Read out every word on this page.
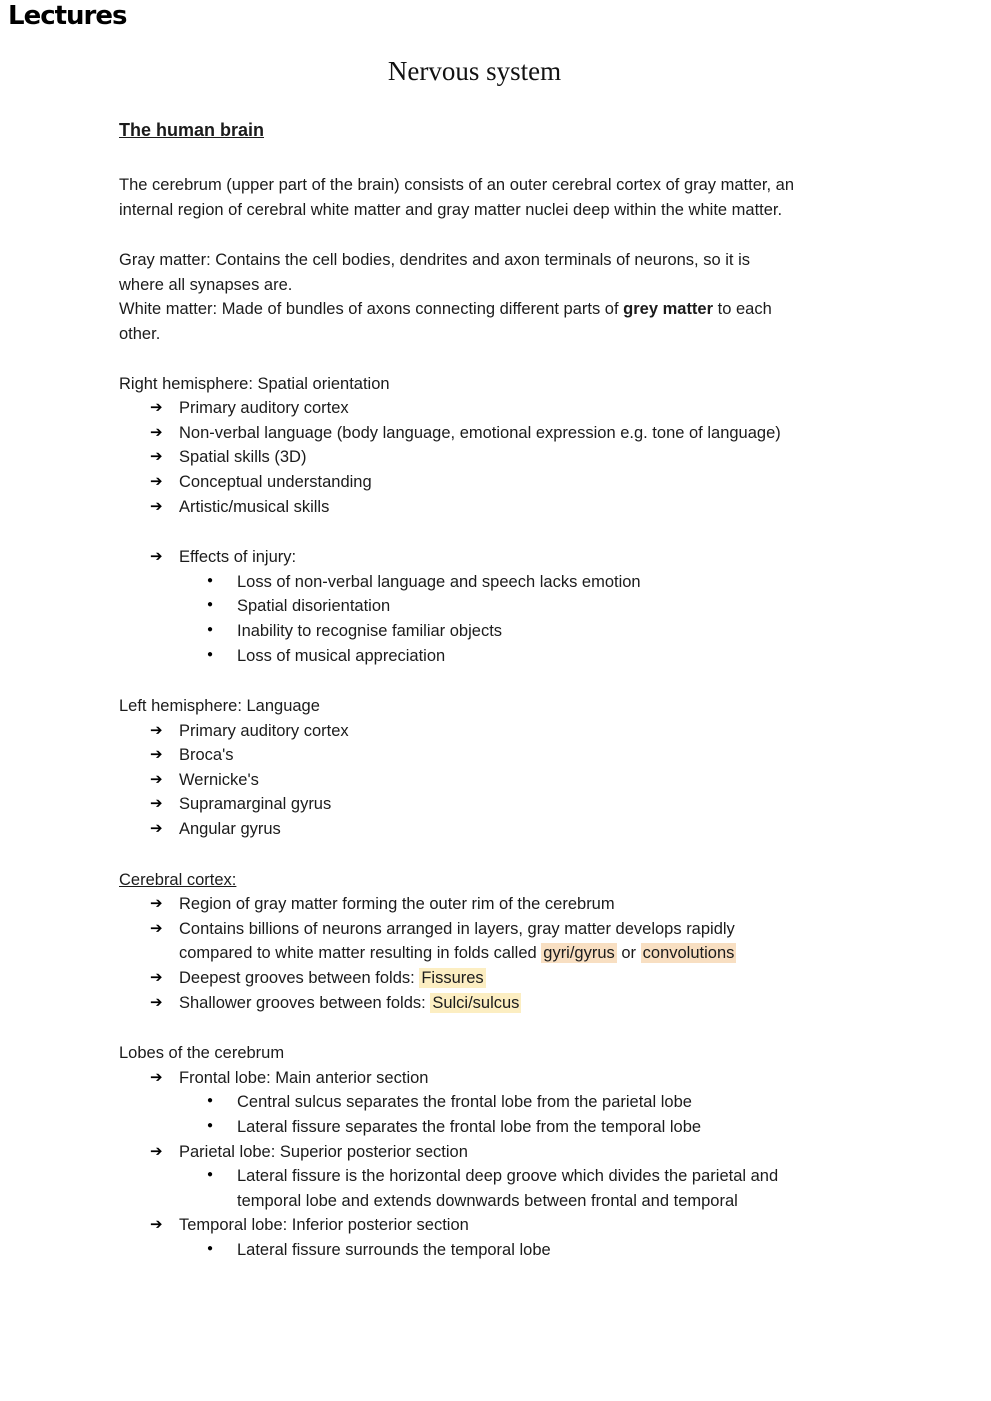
Lectures
Nervous system
The human brain

The cerebrum (upper part of the brain) consists of an outer cerebral cortex of gray matter, an

internal region of cerebral white matter and gray matter nuclei deep within the white matter.

Gray matter: Contains the cell bodies, dendrites and axon terminals of neurons, so it is

where all synapses are.

White matter: Made of bundles of axons connecting different parts of grey matter to each

other.

Right hemisphere: Spatial orientation

➔ Primary auditory cortex
➔ Non-verbal language (body language, emotional expression e.g. tone of language)
➔ Spatial skills (3D)
➔ Conceptual understanding
➔ Artistic/musical skills
➔ Effects of injury:
● Loss of non-verbal language and speech lacks emotion
● Spatial disorientation
● Inability to recognise familiar objects
● Loss of musical appreciation

Left hemisphere: Language

➔ Primary auditory cortex
➔ Broca's
➔ Wernicke's
➔ Supramarginal gyrus
➔ Angular gyrus

Cerebral cortex:

➔ Region of gray matter forming the outer rim of the cerebrum
➔ Contains billions of neurons arranged in layers, gray matter develops rapidly
compared to white matter resulting in folds called gyri/gyrus or convolutions
➔ Deepest grooves between folds: Fissures
➔ Shallower grooves between folds: Sulci/sulcus

Lobes of the cerebrum

➔ Frontal lobe: Main anterior section
● Central sulcus separates the frontal lobe from the parietal lobe
● Lateral fissure separates the frontal lobe from the temporal lobe
➔ Parietal lobe: Superior posterior section
● Lateral fissure is the horizontal deep groove which divides the parietal and
temporal lobe and extends downwards between frontal and temporal
➔ Temporal lobe: Inferior posterior section
● Lateral fissure surrounds the temporal lobe
